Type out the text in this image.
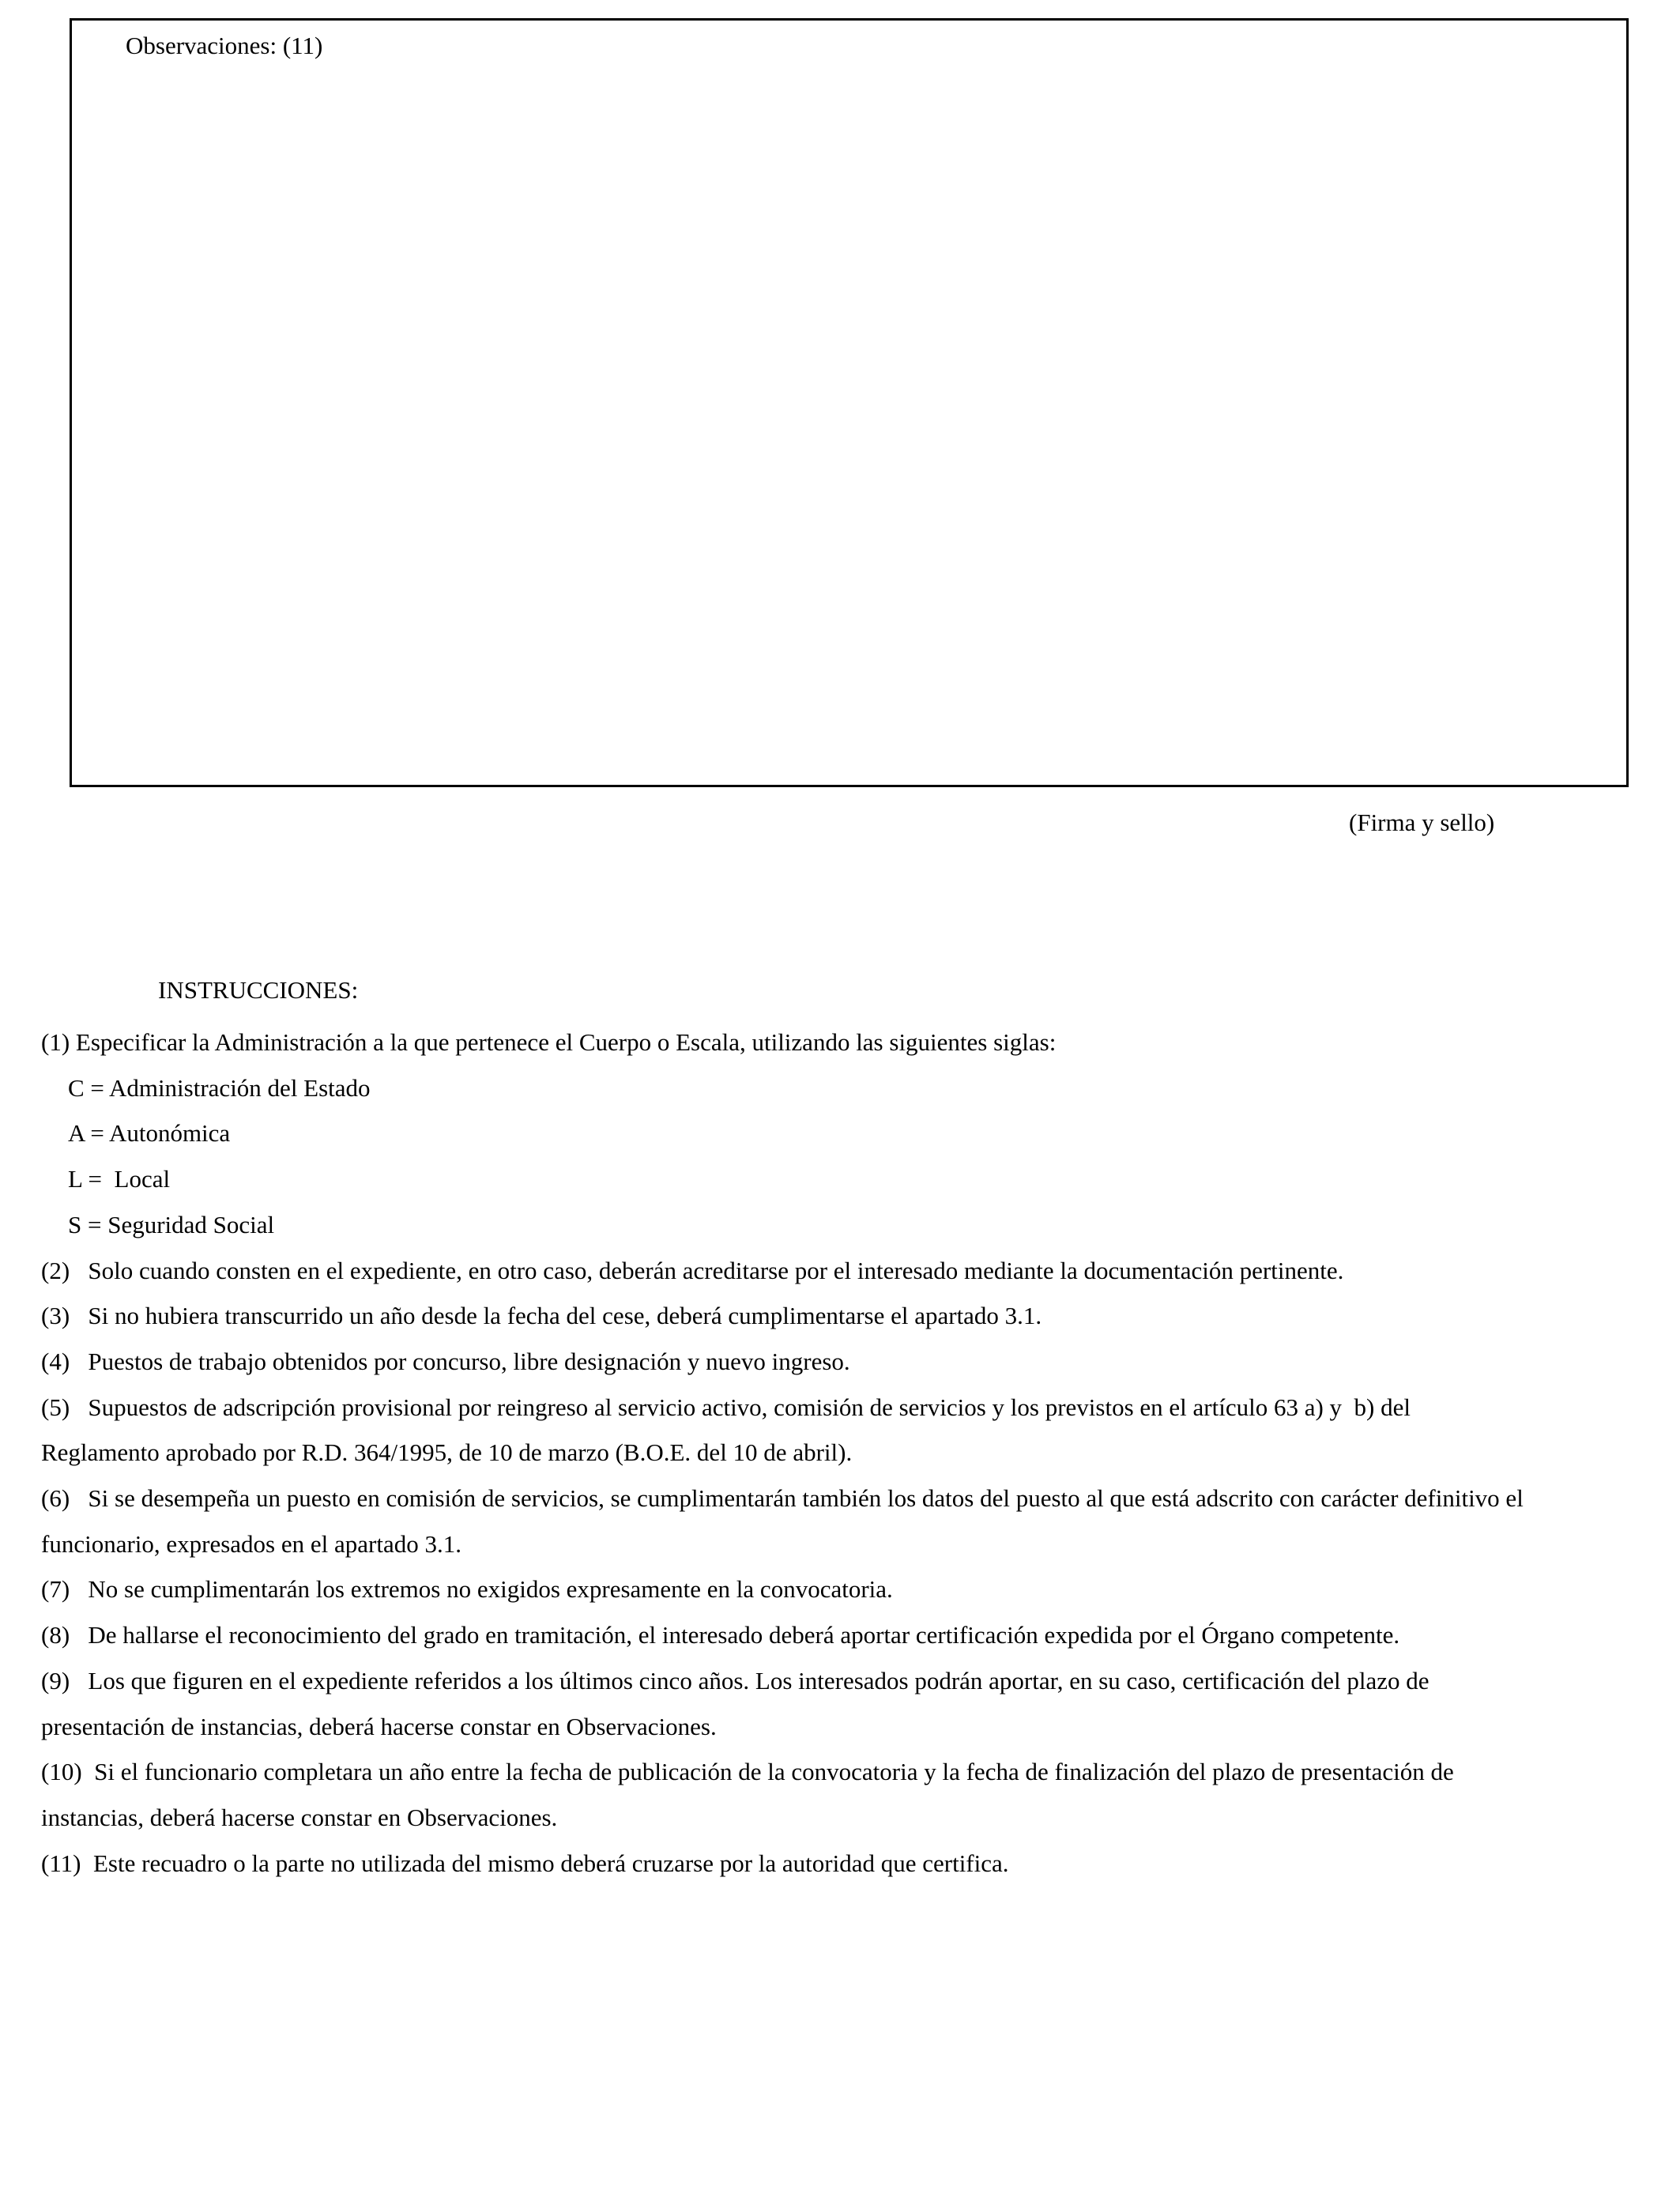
Observaciones: (11)
(Firma y sello)
INSTRUCCIONES:
(1) Especificar la Administración a la que pertenece el Cuerpo o Escala, utilizando las siguientes siglas:
C = Administración del Estado
A = Autonómica
L =  Local
S = Seguridad Social
(2)   Solo cuando consten en el expediente, en otro caso, deberán acreditarse por el interesado mediante la documentación pertinente.
(3)   Si no hubiera transcurrido un año desde la fecha del cese, deberá cumplimentarse el apartado 3.1.
(4)   Puestos de trabajo obtenidos por concurso, libre designación y nuevo ingreso.
(5)   Supuestos de adscripción provisional por reingreso al servicio activo, comisión de servicios y los previstos en el artículo 63 a) y  b) del
Reglamento aprobado por R.D. 364/1995, de 10 de marzo (B.O.E. del 10 de abril).
(6)   Si se desempeña un puesto en comisión de servicios, se cumplimentarán también los datos del puesto al que está adscrito con carácter definitivo el
funcionario, expresados en el apartado 3.1.
(7)   No se cumplimentarán los extremos no exigidos expresamente en la convocatoria.
(8)   De hallarse el reconocimiento del grado en tramitación, el interesado deberá aportar certificación expedida por el Órgano competente.
(9)   Los que figuren en el expediente referidos a los últimos cinco años. Los interesados podrán aportar, en su caso, certificación del plazo de
presentación de instancias, deberá hacerse constar en Observaciones.
(10)  Si el funcionario completara un año entre la fecha de publicación de la convocatoria y la fecha de finalización del plazo de presentación de
instancias, deberá hacerse constar en Observaciones.
(11)  Este recuadro o la parte no utilizada del mismo deberá cruzarse por la autoridad que certifica.
